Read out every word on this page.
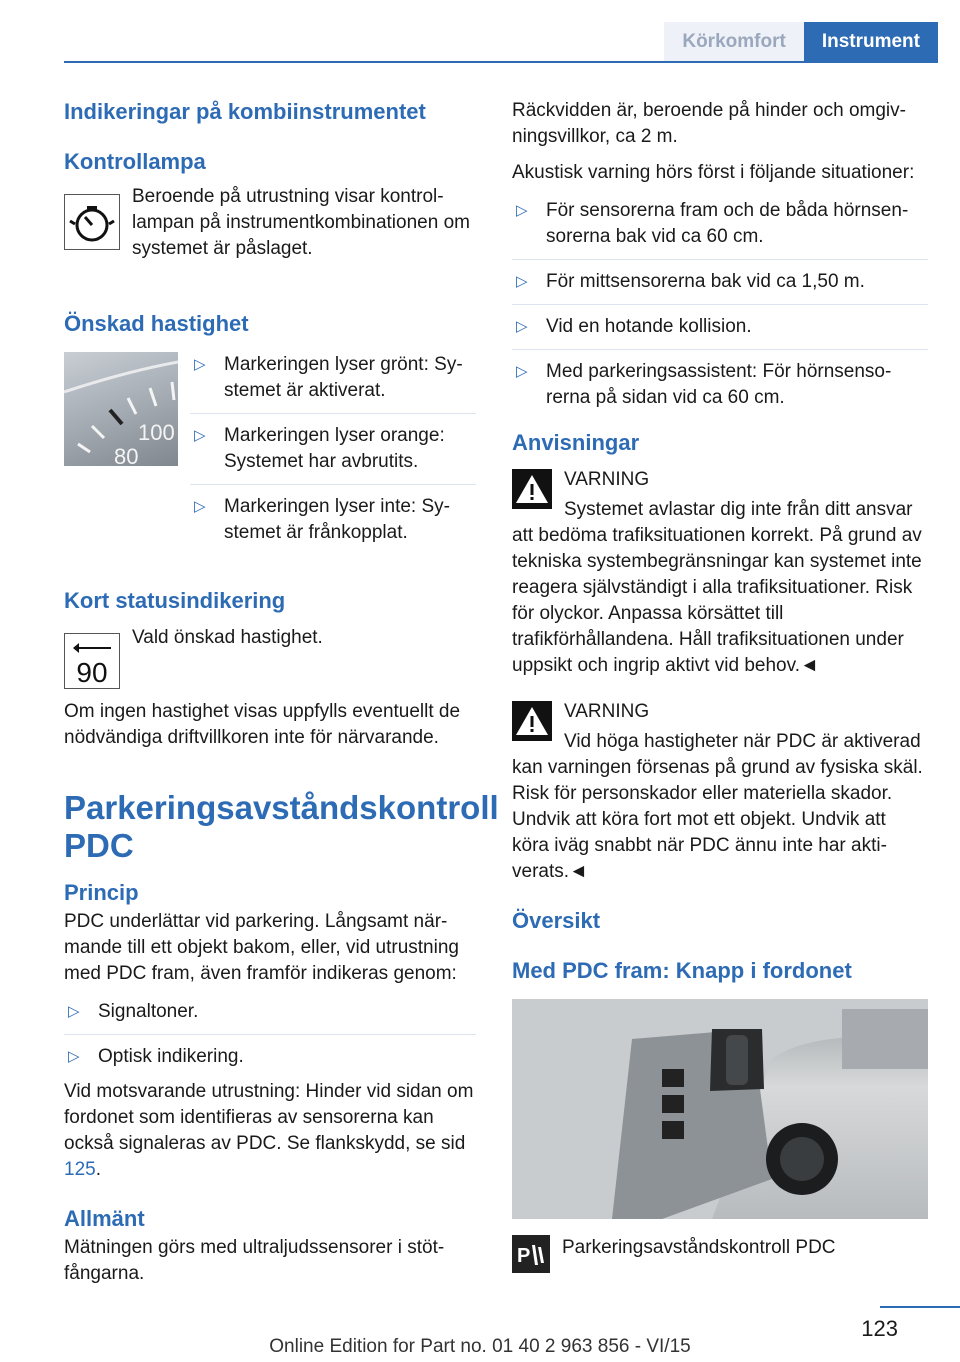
Körkomfort	Instrument
Indikeringar på kombiinstrumentet
Kontrollampa

Beroende på utrustning visar kontrollampan på instrumentkombinationen om systemet är påslaget.

Önskad hastighet
100
80
▷ Markeringen lyser grönt: Systemet är aktiverat.
▷ Markeringen lyser orange: Systemet har avbrutits.
▷ Markeringen lyser inte: Systemet är frånkopplat.
Kort statusindikering
90

Vald önskad hastighet.

Om ingen hastighet visas uppfylls eventuellt de nödvändiga driftvillkoren inte för närvarande.

Parkeringsavståndskontroll
PDC
Princip

PDC underlättar vid parkering. Långsamt närmande till ett objekt bakom, eller, vid utrustning med PDC fram, även framför indikeras genom:

▷ Signaltoner.
▷ Optisk indikering.

Vid motsvarande utrustning: Hinder vid sidan om fordonet som identifieras av sensorerna kan också signaleras av PDC. Se flankskydd, se sid 125.

Allmänt

Mätningen görs med ultraljudssensorer i stötfångarna.

Räckvidden är, beroende på hinder och omgivningsvillkor, ca 2 m.

Akustisk varning hörs först i följande situationer:

▷ För sensorerna fram och de båda hörnsensorerna bak vid ca 60 cm.
▷ För mittsensorerna bak vid ca 1,50 m.
▷ Vid en hotande kollision.
▷ Med parkeringsassistent: För hörnsensorerna på sidan vid ca 60 cm.
Anvisningar

VARNING

Systemet avlastar dig inte från ditt ansvar att bedöma trafiksituationen korrekt. På grund av tekniska systembegränsningar kan systemet inte reagera självständigt i alla trafiksituationer. Risk för olyckor. Anpassa körsättet till trafikförhållandena. Håll trafiksituationen under uppsikt och ingrip aktivt vid behov.◄

VARNING

Vid höga hastigheter när PDC är aktiverad kan varningen försenas på grund av fysiska skäl. Risk för personskador eller materiella skador. Undvik att köra fort mot ett objekt. Undvik att köra iväg snabbt när PDC ännu inte har aktiverats.◄

Översikt
Med PDC fram: Knapp i fordonet
P Parkeringsavståndskontroll PDC

123
Online Edition for Part no. 01 40 2 963 856 - VI/15
